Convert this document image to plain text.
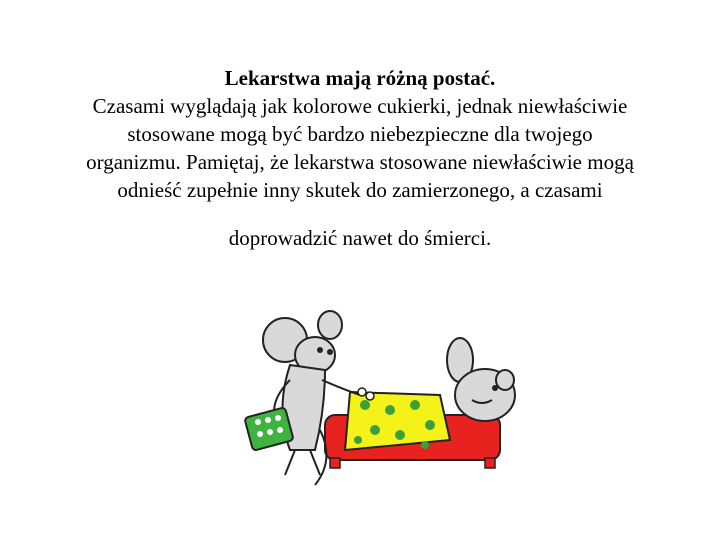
Lekarstwa mają różną postać.
Czasami wyglądają jak kolorowe cukierki, jednak niewłaściwie
stosowane mogą być bardzo niebezpieczne dla twojego
organizmu. Pamiętaj, że lekarstwa stosowane niewłaściwie mogą
odnieść zupełnie inny skutek do zamierzonego, a czasami
doprowadzić nawet do śmierci.
